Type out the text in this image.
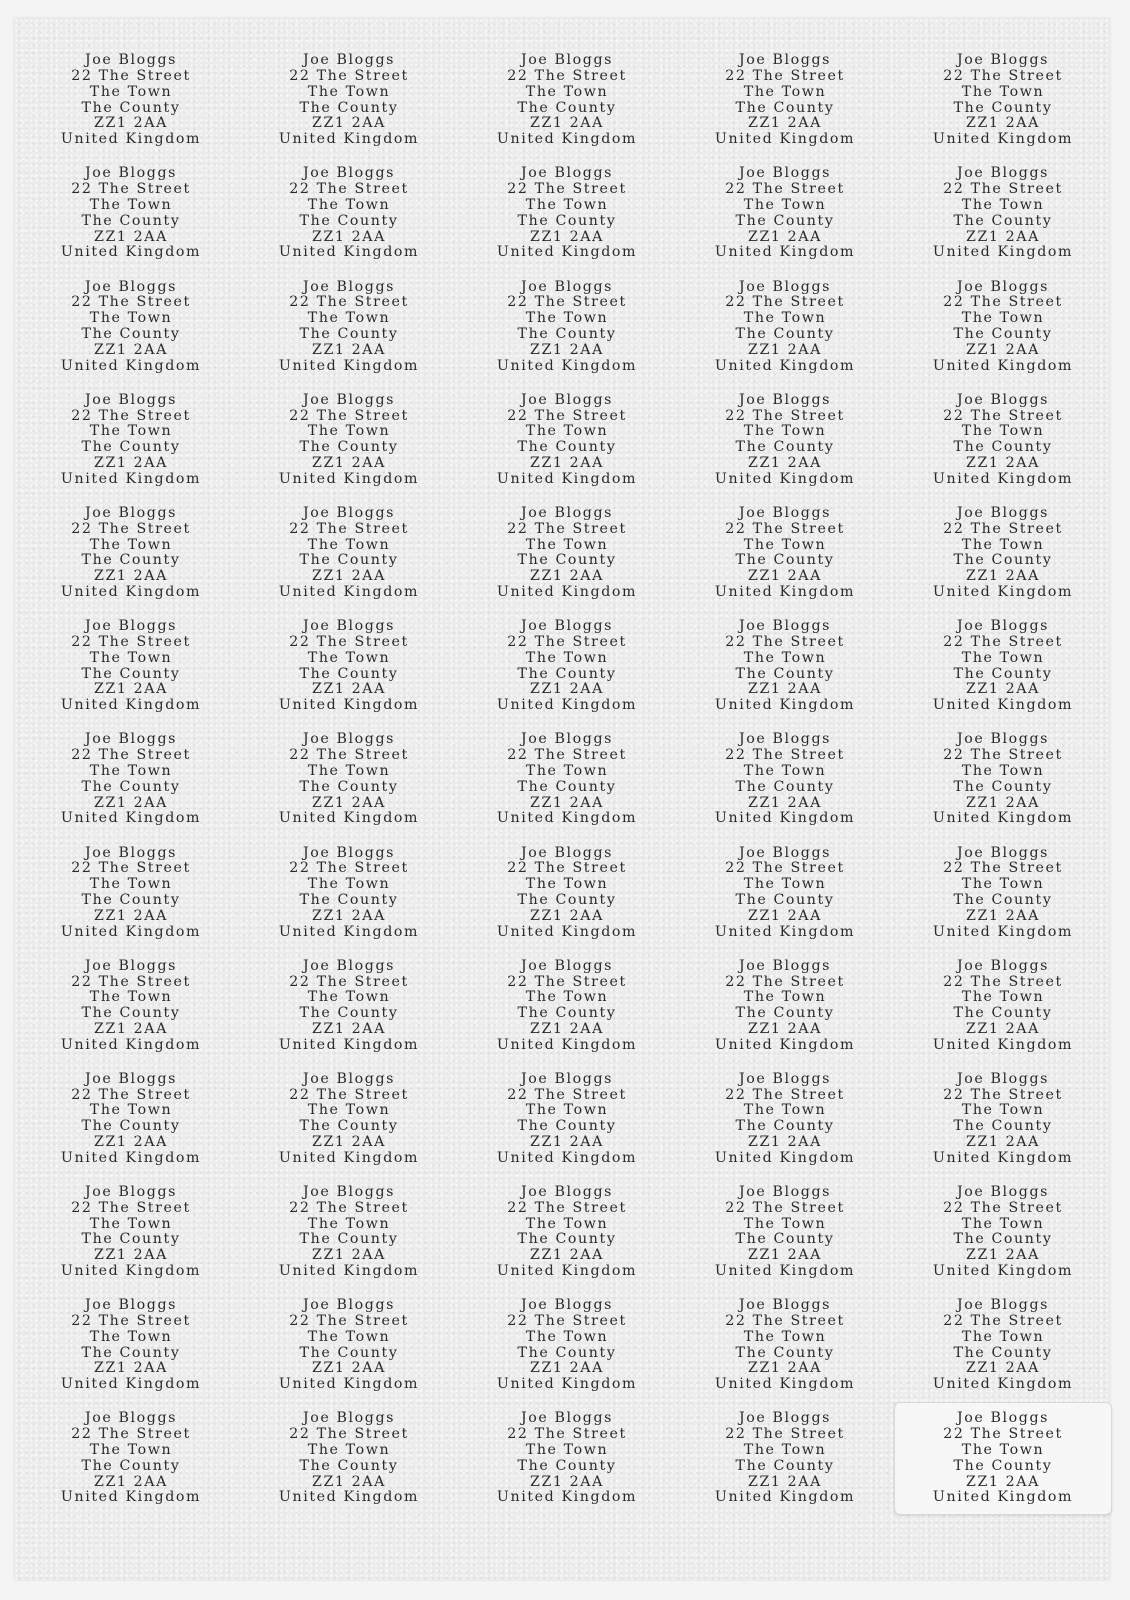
Joe Bloggs
22 The Street
The Town
The County
ZZ1 2AA
United Kingdom
Joe Bloggs
22 The Street
The Town
The County
ZZ1 2AA
United Kingdom
Joe Bloggs
22 The Street
The Town
The County
ZZ1 2AA
United Kingdom
Joe Bloggs
22 The Street
The Town
The County
ZZ1 2AA
United Kingdom
Joe Bloggs
22 The Street
The Town
The County
ZZ1 2AA
United Kingdom
Joe Bloggs
22 The Street
The Town
The County
ZZ1 2AA
United Kingdom
Joe Bloggs
22 The Street
The Town
The County
ZZ1 2AA
United Kingdom
Joe Bloggs
22 The Street
The Town
The County
ZZ1 2AA
United Kingdom
Joe Bloggs
22 The Street
The Town
The County
ZZ1 2AA
United Kingdom
Joe Bloggs
22 The Street
The Town
The County
ZZ1 2AA
United Kingdom
Joe Bloggs
22 The Street
The Town
The County
ZZ1 2AA
United Kingdom
Joe Bloggs
22 The Street
The Town
The County
ZZ1 2AA
United Kingdom
Joe Bloggs
22 The Street
The Town
The County
ZZ1 2AA
United Kingdom
Joe Bloggs
22 The Street
The Town
The County
ZZ1 2AA
United Kingdom
Joe Bloggs
22 The Street
The Town
The County
ZZ1 2AA
United Kingdom
Joe Bloggs
22 The Street
The Town
The County
ZZ1 2AA
United Kingdom
Joe Bloggs
22 The Street
The Town
The County
ZZ1 2AA
United Kingdom
Joe Bloggs
22 The Street
The Town
The County
ZZ1 2AA
United Kingdom
Joe Bloggs
22 The Street
The Town
The County
ZZ1 2AA
United Kingdom
Joe Bloggs
22 The Street
The Town
The County
ZZ1 2AA
United Kingdom
Joe Bloggs
22 The Street
The Town
The County
ZZ1 2AA
United Kingdom
Joe Bloggs
22 The Street
The Town
The County
ZZ1 2AA
United Kingdom
Joe Bloggs
22 The Street
The Town
The County
ZZ1 2AA
United Kingdom
Joe Bloggs
22 The Street
The Town
The County
ZZ1 2AA
United Kingdom
Joe Bloggs
22 The Street
The Town
The County
ZZ1 2AA
United Kingdom
Joe Bloggs
22 The Street
The Town
The County
ZZ1 2AA
United Kingdom
Joe Bloggs
22 The Street
The Town
The County
ZZ1 2AA
United Kingdom
Joe Bloggs
22 The Street
The Town
The County
ZZ1 2AA
United Kingdom
Joe Bloggs
22 The Street
The Town
The County
ZZ1 2AA
United Kingdom
Joe Bloggs
22 The Street
The Town
The County
ZZ1 2AA
United Kingdom
Joe Bloggs
22 The Street
The Town
The County
ZZ1 2AA
United Kingdom
Joe Bloggs
22 The Street
The Town
The County
ZZ1 2AA
United Kingdom
Joe Bloggs
22 The Street
The Town
The County
ZZ1 2AA
United Kingdom
Joe Bloggs
22 The Street
The Town
The County
ZZ1 2AA
United Kingdom
Joe Bloggs
22 The Street
The Town
The County
ZZ1 2AA
United Kingdom
Joe Bloggs
22 The Street
The Town
The County
ZZ1 2AA
United Kingdom
Joe Bloggs
22 The Street
The Town
The County
ZZ1 2AA
United Kingdom
Joe Bloggs
22 The Street
The Town
The County
ZZ1 2AA
United Kingdom
Joe Bloggs
22 The Street
The Town
The County
ZZ1 2AA
United Kingdom
Joe Bloggs
22 The Street
The Town
The County
ZZ1 2AA
United Kingdom
Joe Bloggs
22 The Street
The Town
The County
ZZ1 2AA
United Kingdom
Joe Bloggs
22 The Street
The Town
The County
ZZ1 2AA
United Kingdom
Joe Bloggs
22 The Street
The Town
The County
ZZ1 2AA
United Kingdom
Joe Bloggs
22 The Street
The Town
The County
ZZ1 2AA
United Kingdom
Joe Bloggs
22 The Street
The Town
The County
ZZ1 2AA
United Kingdom
Joe Bloggs
22 The Street
The Town
The County
ZZ1 2AA
United Kingdom
Joe Bloggs
22 The Street
The Town
The County
ZZ1 2AA
United Kingdom
Joe Bloggs
22 The Street
The Town
The County
ZZ1 2AA
United Kingdom
Joe Bloggs
22 The Street
The Town
The County
ZZ1 2AA
United Kingdom
Joe Bloggs
22 The Street
The Town
The County
ZZ1 2AA
United Kingdom
Joe Bloggs
22 The Street
The Town
The County
ZZ1 2AA
United Kingdom
Joe Bloggs
22 The Street
The Town
The County
ZZ1 2AA
United Kingdom
Joe Bloggs
22 The Street
The Town
The County
ZZ1 2AA
United Kingdom
Joe Bloggs
22 The Street
The Town
The County
ZZ1 2AA
United Kingdom
Joe Bloggs
22 The Street
The Town
The County
ZZ1 2AA
United Kingdom
Joe Bloggs
22 The Street
The Town
The County
ZZ1 2AA
United Kingdom
Joe Bloggs
22 The Street
The Town
The County
ZZ1 2AA
United Kingdom
Joe Bloggs
22 The Street
The Town
The County
ZZ1 2AA
United Kingdom
Joe Bloggs
22 The Street
The Town
The County
ZZ1 2AA
United Kingdom
Joe Bloggs
22 The Street
The Town
The County
ZZ1 2AA
United Kingdom
Joe Bloggs
22 The Street
The Town
The County
ZZ1 2AA
United Kingdom
Joe Bloggs
22 The Street
The Town
The County
ZZ1 2AA
United Kingdom
Joe Bloggs
22 The Street
The Town
The County
ZZ1 2AA
United Kingdom
Joe Bloggs
22 The Street
The Town
The County
ZZ1 2AA
United Kingdom
Joe Bloggs
22 The Street
The Town
The County
ZZ1 2AA
United Kingdom
